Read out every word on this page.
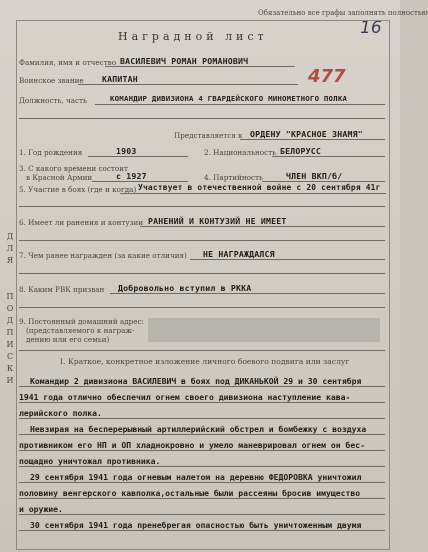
Обязательно все графы заполнять полностью
16
477
Наградной лист
Фамилия, имя и отчество ВАСИЛЕВИЧ РОМАН РОМАНОВИЧ
Воинское звание КАПИТАН
Должность, часть	КОМАНДИР ДИВИЗИОНА 4 ГВАРДЕЙСКОГО МИНОМЕТНОГО ПОЛКА
Представляется к ОРДЕНУ "КРАСНОЕ ЗНАМЯ"
1. Год рождения	1903	2. Национальность БЕЛОРУСС
3. С какого времени состоит
в Красной Армии	с 1927	4. Партийность	ЧЛЕН ВКП/б/
5. Участие в боях (где и когда) Участвует в отечественной войне с 20 сентября 41г
6. Имеет ли ранения и контузии РАНЕНИЙ И КОНТУЗИЙ НЕ ИМЕЕТ
7. Чем ранее награжден (за какие отличия) НЕ НАГРАЖДАЛСЯ
8. Каким РВК призван Добровольно вступил в РККА
9. Постоянный домашний адрес:
(представляемого к награж-
дению или его семьи)
I. Краткое, конкретное изложение личного боевого подвига или заслуг
Командир 2 дивизиона ВАСИЛЕВИЧ в боях под ДИКАНЬКОЙ 29 и 30 сентября
1941 года отлично обеспечил огнем своего дивизиона наступление кава-
лерийского полка.
Невзирая на бесперерывный артиллерийский обстрел и бомбежку с воздуха
противником его НП и ОП хладнокровно и умело маневрировал огнем он бес-
пощадно уничтожал противника.
29 сентября 1941 года огневым налетом на деревню ФЕДОРОВКА уничтожил
половину венгерского кавполка,остальные были рассеяны бросив имущество
и оружие.
30 сентября 1941 года пренебрегая опасностью быть уничтоженным двумя
Д
Л
Я
П
О
Д
П
И
С
К
И
